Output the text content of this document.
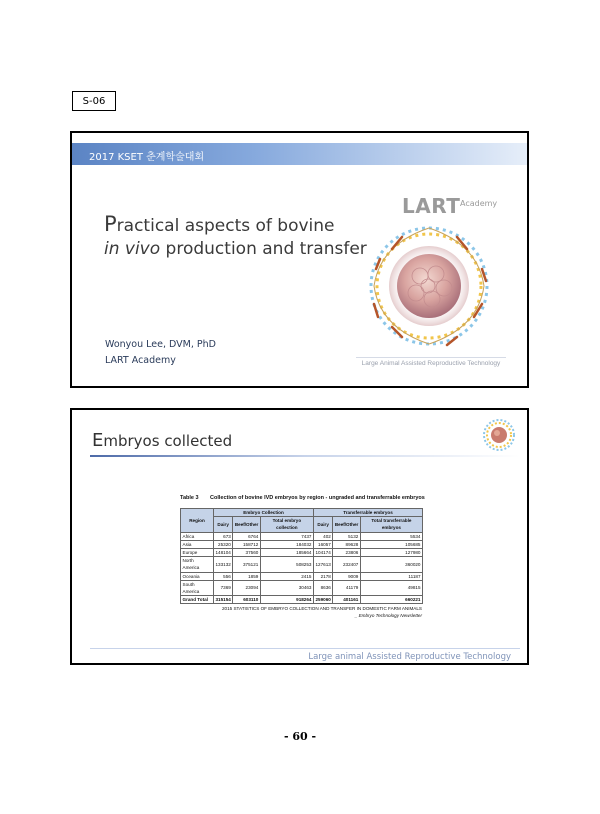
S-06
2017 KSET 춘계학술대회
Practical aspects of bovine
in vivo production and transfer
Wonyou Lee, DVM, PhD
LART Academy
LART Academy
Large Animal Assisted Reproductive Technology
Embryos collected
Table 3 Collection of bovine IVD embryos by region - ungraded and transferrable embryos
Region	Embryo Collection			Transferrable embryos		
	Dairy	Beef/Other	Total embryo collection	Dairy	Beef/Other	Total transferrable embryos
Africa	673	6764	7437	402	5132	5534
Asia	25320	158712	184032	16057	89628	105685
Europe	148104	37560	185664	104174	23806	127980
North America	133132	375121	508253	127613	232407	360020
Oceania	556	1859	2415	2178	9009	11187
South America	7369	23094	30463	8636	41179	49815
Grand Total	315154	603110	918264	259060	401161	660221
2015 STATISTICS OF EMBRYO COLLECTION AND TRANSFER IN DOMESTIC FARM ANIMALS
_ Embryo Technology Newsletter
Large animal Assisted Reproductive Technology
- 60 -
